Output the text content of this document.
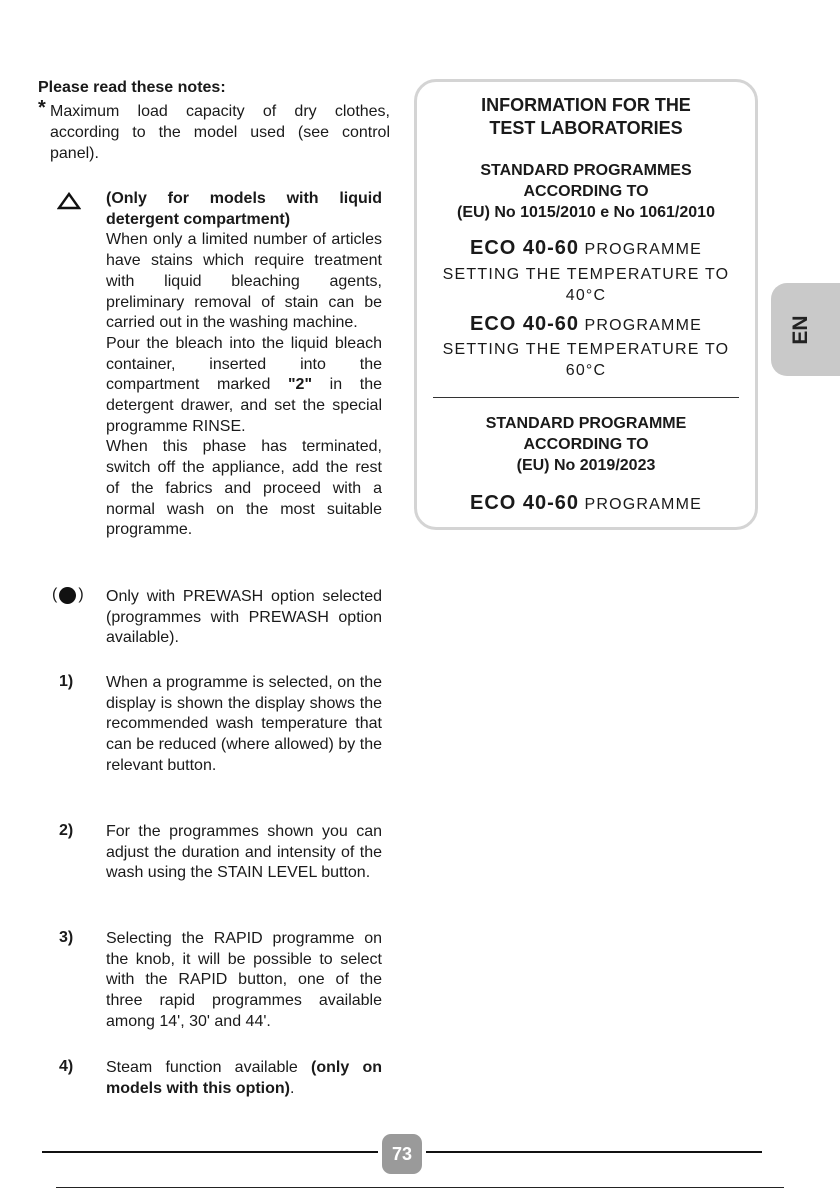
Please read these notes:
* Maximum load capacity of dry clothes, according to the model used (see control panel).
(Only for models with liquid detergent compartment)
When only a limited number of articles have stains which require treatment with liquid bleaching agents, preliminary removal of stain can be carried out in the washing machine.
Pour the bleach into the liquid bleach container, inserted into the compartment marked "2" in the detergent drawer, and set the special programme RINSE.
When this phase has terminated, switch off the appliance, add the rest of the fabrics and proceed with a normal wash on the most suitable programme.
( ) Only with PREWASH option selected (programmes with PREWASH option available).
1) When a programme is selected, on the display is shown the display shows the recommended wash temperature that can be reduced (where allowed) by the relevant button.
2) For the programmes shown you can adjust the duration and intensity of the wash using the STAIN LEVEL button.
3) Selecting the RAPID programme on the knob, it will be possible to select with the RAPID button, one of the three rapid programmes available among 14', 30' and 44'.
4) Steam function available (only on models with this option).
INFORMATION FOR THE TEST LABORATORIES
STANDARD PROGRAMMES
ACCORDING TO
(EU) No 1015/2010 e No 1061/2010
ECO 40-60 PROGRAMME
SETTING THE TEMPERATURE TO 40°C
ECO 40-60 PROGRAMME
SETTING THE TEMPERATURE TO 60°C
STANDARD PROGRAMME
ACCORDING TO
(EU) No 2019/2023
ECO 40-60 PROGRAMME
EN
73
